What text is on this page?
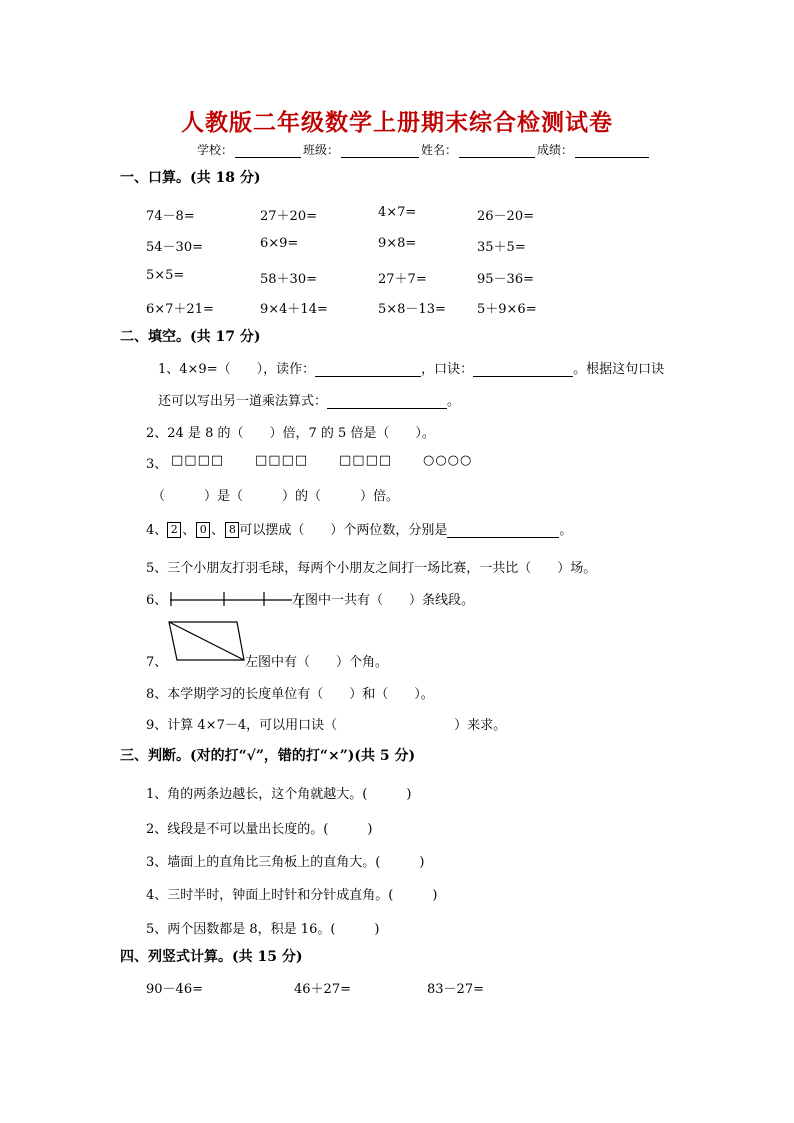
人教版二年级数学上册期末综合检测试卷
学校：	班级：	姓名：	成绩：
一、口算。(共 18 分)
74－8=	27＋20=	4×7=	26－20=
54－30=	6×9=	9×8=	35＋5=
5×5=	58＋30=	27＋7=	95－36=
6×7＋21=	9×4＋14=	5×8－13= 5＋9×6=
二、填空。(共 17 分)
1、4×9=（　　），读作：	，口诀：	。根据这句口诀
还可以写出另一道乘法算式：	。
2、24 是 8 的（　　）倍，7 的 5 倍是（　　）。
3、 □□□□ □□□□ □□□□ ○○○○
（　　　）是（　　　）的（　　　）倍。
4、 2 、 0 、 8 可以摆成（　　）个两位数，分别是	。
5、三个小朋友打羽毛球，每两个小朋友之间打一场比赛，一共比（　　）场。
6、	左图中一共有（　　）条线段。
7、	左图中有（　　）个角。
8、本学期学习的长度单位有（　　）和（　　）。
9、计算 4×7－4，可以用口诀（　　　　　　　　　）来求。
三、判断。(对的打“√”，错的打“×”)(共 5 分)
1、角的两条边越长，这个角就越大。(　　　)
2、线段是不可以量出长度的。(　　　)
3、墙面上的直角比三角板上的直角大。(　　　)
4、三时半时，钟面上时针和分针成直角。(　　　)
5、两个因数都是 8，积是 16。(　　　)
四、列竖式计算。(共 15 分)
90－46=	46＋27=	83－27=
